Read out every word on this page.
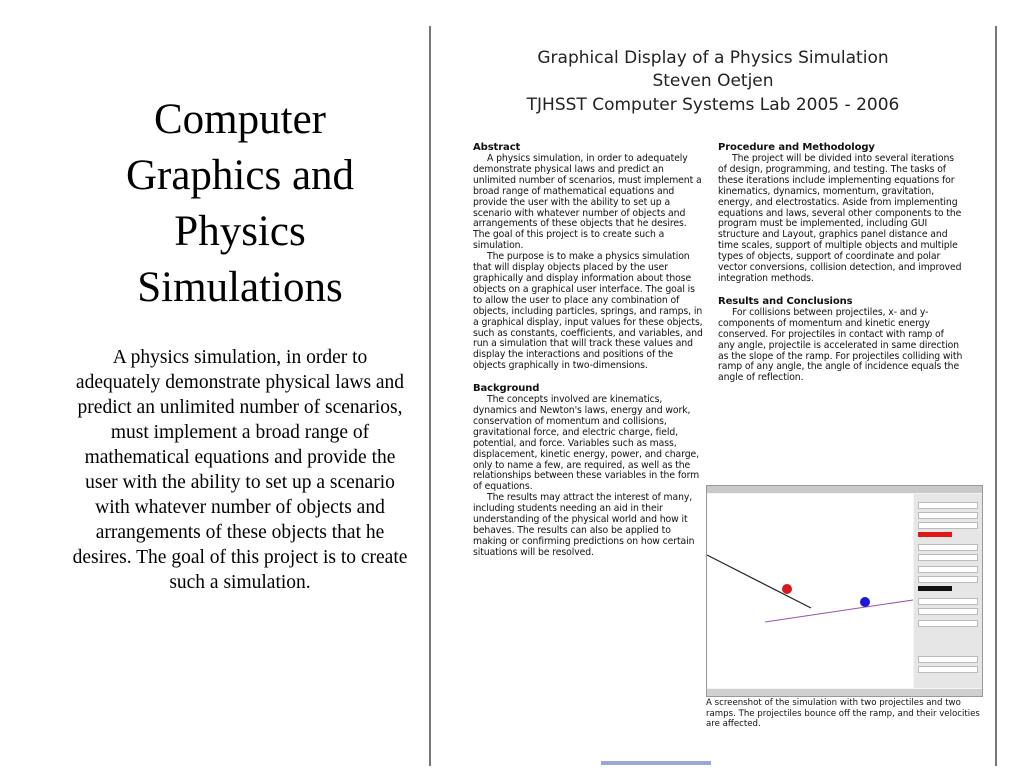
Computer Graphics and Physics Simulations
A physics simulation, in order to adequately demonstrate physical laws and predict an unlimited number of scenarios, must implement a broad range of mathematical equations and provide the user with the ability to set up a scenario with whatever number of objects and arrangements of these objects that he desires. The goal of this project is to create such a simulation.
Graphical Display of a Physics Simulation
Steven Oetjen
TJHSST Computer Systems Lab 2005 - 2006
Abstract

A physics simulation, in order to adequately demonstrate physical laws and predict an unlimited number of scenarios, must implement a broad range of mathematical equations and provide the user with the ability to set up a scenario with whatever number of objects and arrangements of these objects that he desires. The goal of this project is to create such a simulation.

The purpose is to make a physics simulation that will display objects placed by the user graphically and display information about those objects on a graphical user interface. The goal is to allow the user to place any combination of objects, including particles, springs, and ramps, in a graphical display, input values for these objects, such as constants, coefficients, and variables, and run a simulation that will track these values and display the interactions and positions of the objects graphically in two-dimensions.

Background

The concepts involved are kinematics, dynamics and Newton's laws, energy and work, conservation of momentum and collisions, gravitational force, and electric charge, field, potential, and force. Variables such as mass, displacement, kinetic energy, power, and charge, only to name a few, are required, as well as the relationships between these variables in the form of equations.

The results may attract the interest of many, including students needing an aid in their understanding of the physical world and how it behaves. The results can also be applied to making or confirming predictions on how certain situations will be resolved.

Procedure and Methodology

The project will be divided into several iterations of design, programming, and testing. The tasks of these iterations include implementing equations for kinematics, dynamics, momentum, gravitation, energy, and electrostatics. Aside from implementing equations and laws, several other components to the program must be implemented, including GUI structure and Layout, graphics panel distance and time scales, support of multiple objects and multiple types of objects, support of coordinate and polar vector conversions, collision detection, and improved integration methods.

Results and Conclusions

For collisions between projectiles, x- and y-components of momentum and kinetic energy conserved. For projectiles in contact with ramp of any angle, projectile is accelerated in same direction as the slope of the ramp. For projectiles colliding with ramp of any angle, the angle of incidence equals the angle of reflection.

A screenshot of the simulation with two projectiles and two ramps. The projectiles bounce off the ramp, and their velocities are affected.
